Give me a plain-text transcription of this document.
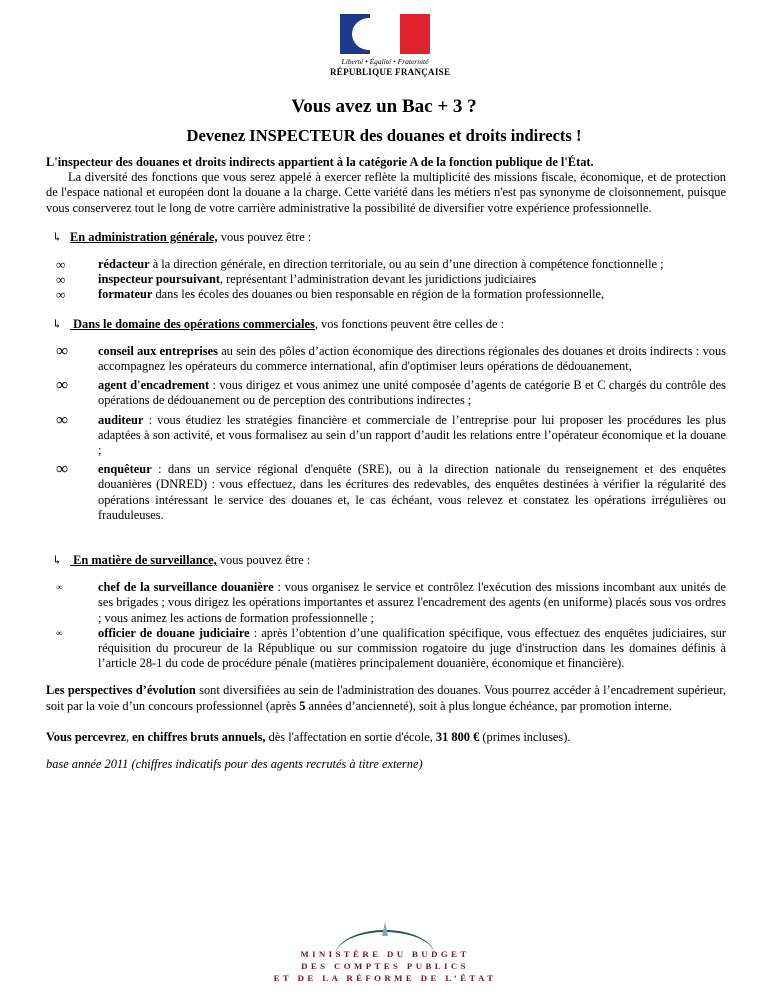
Liberté • Égalité • Fraternité
RÉPUBLIQUE FRANÇAISE
Vous avez un Bac + 3 ?
Devenez INSPECTEUR des douanes et droits indirects !

L'inspecteur des douanes et droits indirects appartient à la catégorie A de la fonction publique de l'État.

La diversité des fonctions que vous serez appelé à exercer reflète la multiplicité des missions fiscale, économique, et de protection de l'espace national et européen dont la douane a la charge. Cette variété dans les métiers n'est pas synonyme de cloisonnement, puisque vous conserverez tout le long de votre carrière administrative la possibilité de diversifier votre expérience professionnelle.

↳ En administration générale, vous pouvez être :

∞	rédacteur à la direction générale, en direction territoriale, ou au sein d’une direction à compétence fonctionnelle ;
∞	inspecteur poursuivant, représentant l’administration devant les juridictions judiciaires
∞	formateur dans les écoles des douanes ou bien responsable en région de la formation professionnelle,

↳ Dans le domaine des opérations commerciales, vos fonctions peuvent être celles de :

∞ conseil aux entreprises au sein des pôles d’action économique des directions régionales des douanes et droits indirects : vous accompagnez les opérateurs du commerce international, afin d'optimiser leurs opérations de dédouanement,
∞ agent d'encadrement : vous dirigez et vous animez une unité composée d’agents de catégorie B et C chargés du contrôle des opérations de dédouanement ou de perception des contributions indirectes ;
∞ auditeur : vous étudiez les stratégies financière et commerciale de l’entreprise pour lui proposer les procédures les plus adaptées à son activité, et vous formalisez au sein d’un rapport d’audit les relations entre l’opérateur économique et la douane ;
∞ enquêteur : dans un service régional d'enquête (SRE), ou à la direction nationale du renseignement et des enquêtes douanières (DNRED) : vous effectuez, dans les écritures des redevables, des enquêtes destinées à vérifier la régularité des opérations intéressant le service des douanes et, le cas échéant, vous relevez et constatez les opérations irrégulières ou frauduleuses.

↳ En matière de surveillance, vous pouvez être :

∞	chef de la surveillance douanière : vous organisez le service et contrôlez l'exécution des missions incombant aux unités de ses brigades ; vous dirigez les opérations importantes et assurez l'encadrement des agents (en uniforme) placés sous vos ordres ; vous animez les actions de formation professionnelle ;
∞	officier de douane judiciaire : après l’obtention d’une qualification spécifique, vous effectuez des enquêtes judiciaires, sur réquisition du procureur de la République ou sur commission rogatoire du juge d'instruction dans les domaines définis à l’article 28-1 du code de procédure pénale (matières principalement douanière, économique et financière).

Les perspectives d’évolution sont diversifiées au sein de l'administration des douanes. Vous pourrez accéder à l’encadrement supérieur, soit par la voie d’un concours professionnel (après 5 années d’ancienneté), soit à plus longue échéance, par promotion interne.

Vous percevrez, en chiffres bruts annuels, dès l'affectation en sortie d'école, 31 800 € (primes incluses).

base année 2011 (chiffres indicatifs pour des agents recrutés à titre externe)

MINISTÈRE DU BUDGET
DES COMPTES PUBLICS
ET DE LA RÉFORME DE L’ÉTAT
